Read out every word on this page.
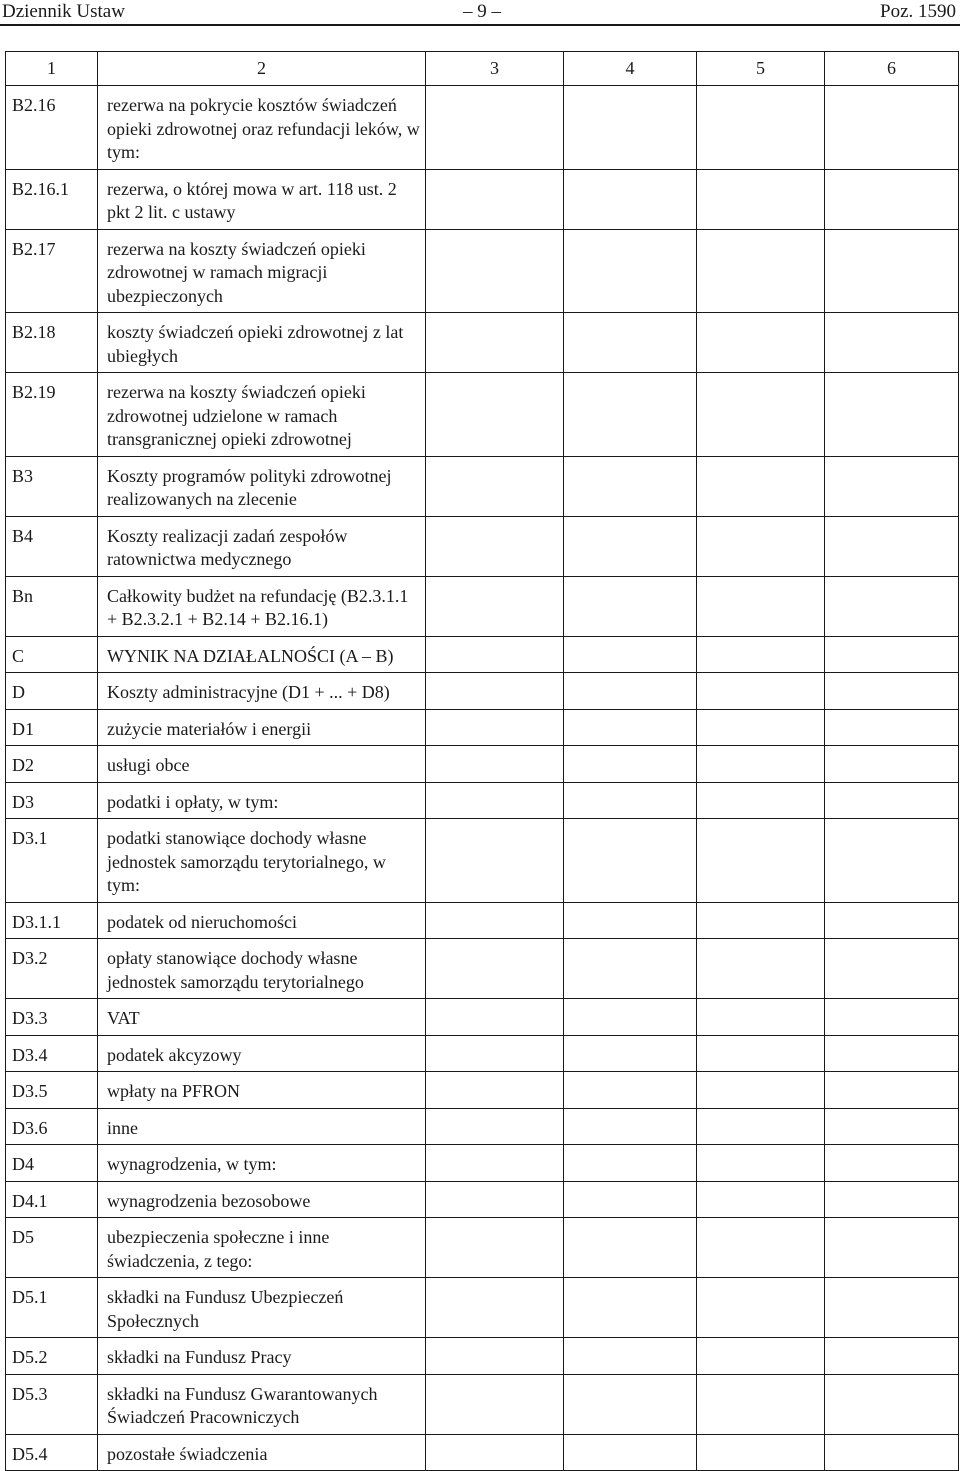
Dziennik Ustaw	– 9 –	Poz. 1590
1	2	3	4	5	6
B2.16	rezerwa na pokrycie kosztów świadczeń opieki zdrowotnej oraz refundacji leków, w tym:				
B2.16.1	rezerwa, o której mowa w art. 118 ust. 2 pkt 2 lit. c ustawy				
B2.17	rezerwa na koszty świadczeń opieki zdrowotnej w ramach migracji ubezpieczonych				
B2.18	koszty świadczeń opieki zdrowotnej z lat ubiegłych				
B2.19	rezerwa na koszty świadczeń opieki zdrowotnej udzielone w ramach transgranicznej opieki zdrowotnej				
B3	Koszty programów polityki zdrowotnej realizowanych na zlecenie				
B4	Koszty realizacji zadań zespołów ratownictwa medycznego				
Bn	Całkowity budżet na refundację (B2.3.1.1 + B2.3.2.1 + B2.14 + B2.16.1)				
C	WYNIK NA DZIAŁALNOŚCI (A – B)				
D	Koszty administracyjne (D1 + ... + D8)				
D1	zużycie materiałów i energii				
D2	usługi obce				
D3	podatki i opłaty, w tym:				
D3.1	podatki stanowiące dochody własne jednostek samorządu terytorialnego, w tym:				
D3.1.1	podatek od nieruchomości				
D3.2	opłaty stanowiące dochody własne jednostek samorządu terytorialnego				
D3.3	VAT				
D3.4	podatek akcyzowy				
D3.5	wpłaty na PFRON				
D3.6	inne				
D4	wynagrodzenia, w tym:				
D4.1	wynagrodzenia bezosobowe				
D5	ubezpieczenia społeczne i inne świadczenia, z tego:				
D5.1	składki na Fundusz Ubezpieczeń Społecznych				
D5.2	składki na Fundusz Pracy				
D5.3	składki na Fundusz Gwarantowanych Świadczeń Pracowniczych				
D5.4	pozostałe świadczenia				
